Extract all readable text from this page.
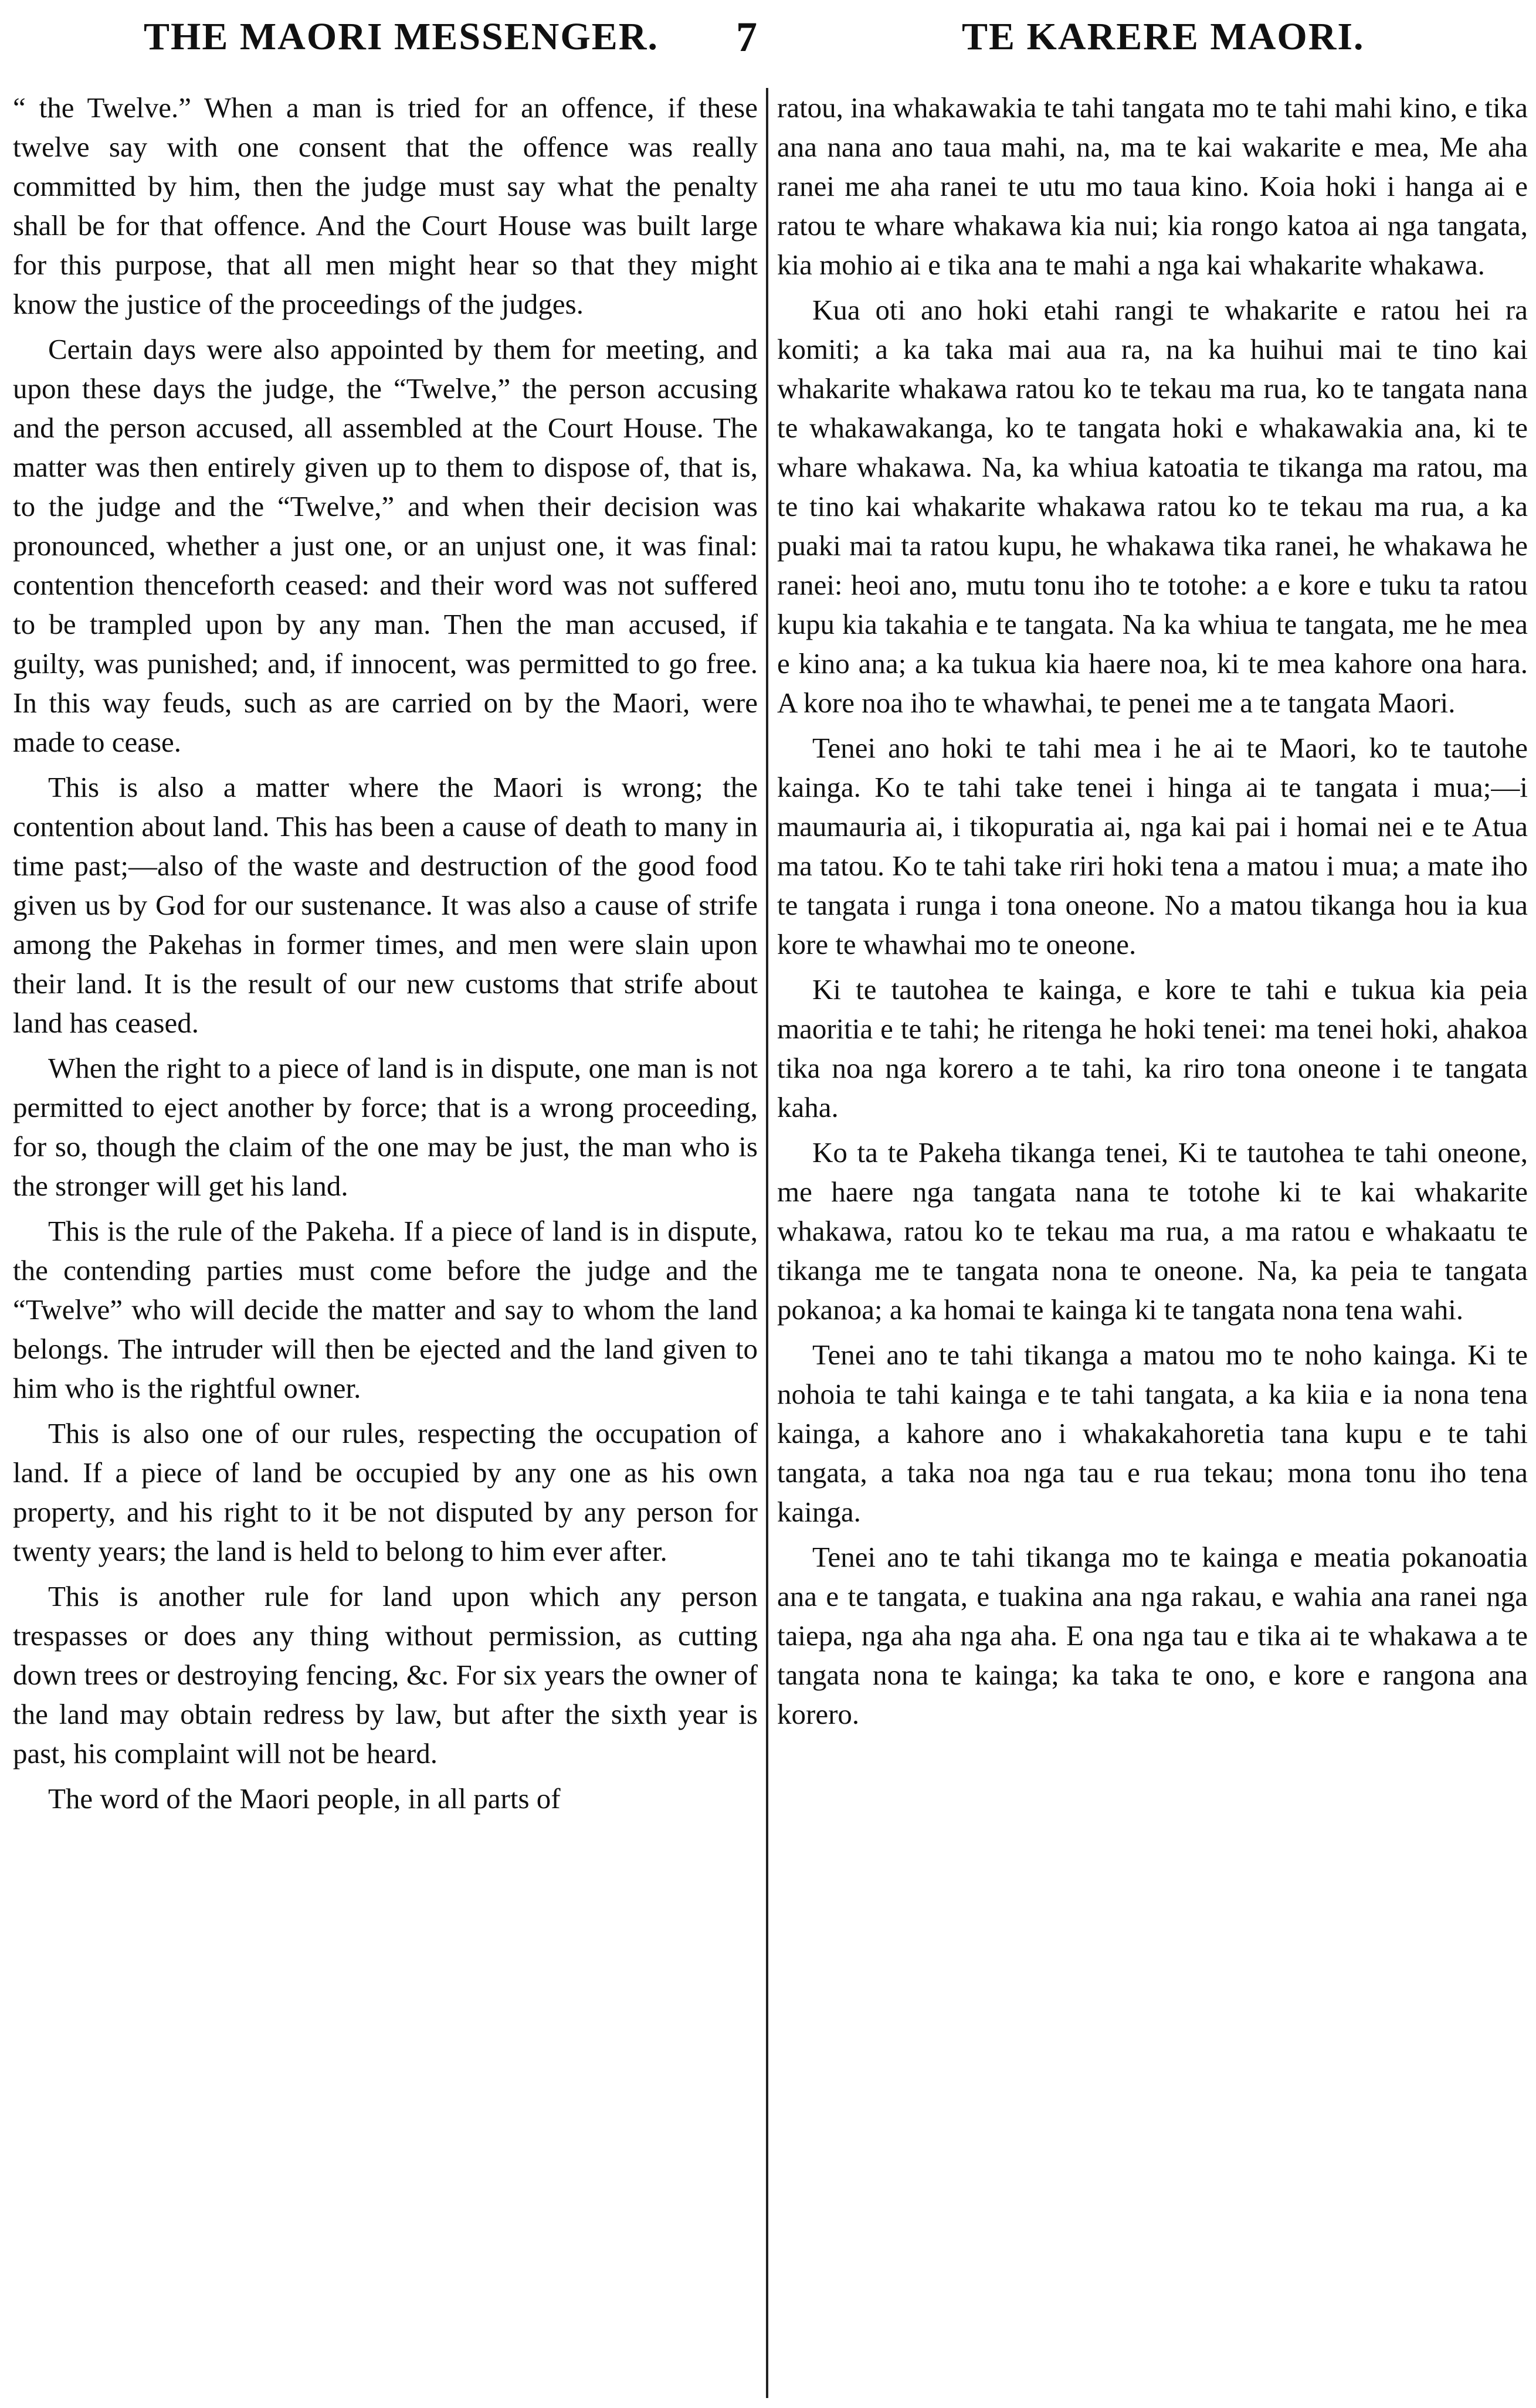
THE MAORI MESSENGER. 7	TE KARERE MAORI.

“ the Twelve.” When a man is tried for an offence, if these twelve say with one consent that the offence was really committed by him, then the judge must say what the penalty shall be for that offence. And the Court House was built large for this purpose, that all men might hear so that they might know the justice of the proceedings of the judges.

Certain days were also appointed by them for meeting, and upon these days the judge, the “Twelve,” the person accusing and the person accused, all assembled at the Court House. The matter was then entirely given up to them to dispose of, that is, to the judge and the “Twelve,” and when their decision was pronounced, whether a just one, or an unjust one, it was final: contention thenceforth ceased: and their word was not suffered to be trampled upon by any man. Then the man accused, if guilty, was punished; and, if innocent, was permitted to go free. In this way feuds, such as are carried on by the Maori, were made to cease.

This is also a matter where the Maori is wrong; the contention about land. This has been a cause of death to many in time past;—also of the waste and destruction of the good food given us by God for our sustenance. It was also a cause of strife among the Pakehas in former times, and men were slain upon their land. It is the result of our new customs that strife about land has ceased.

When the right to a piece of land is in dispute, one man is not permitted to eject another by force; that is a wrong proceeding, for so, though the claim of the one may be just, the man who is the stronger will get his land.

This is the rule of the Pakeha. If a piece of land is in dispute, the contending parties must come before the judge and the “Twelve” who will decide the matter and say to whom the land belongs. The intruder will then be ejected and the land given to him who is the rightful owner.

This is also one of our rules, respecting the occupation of land. If a piece of land be occupied by any one as his own property, and his right to it be not disputed by any person for twenty years; the land is held to belong to him ever after.

This is another rule for land upon which any person trespasses or does any thing without permission, as cutting down trees or destroying fencing, &c. For six years the owner of the land may obtain redress by law, but after the sixth year is past, his complaint will not be heard.

The word of the Maori people, in all parts of

ratou, ina whakawakia te tahi tangata mo te tahi mahi kino, e tika ana nana ano taua mahi, na, ma te kai wakarite e mea, Me aha ranei me aha ranei te utu mo taua kino. Koia hoki i hanga ai e ratou te whare whakawa kia nui; kia rongo katoa ai nga tangata, kia mohio ai e tika ana te mahi a nga kai whakarite whakawa.

Kua oti ano hoki etahi rangi te whakarite e ratou hei ra komiti; a ka taka mai aua ra, na ka huihui mai te tino kai whakarite whakawa ratou ko te tekau ma rua, ko te tangata nana te whakawakanga, ko te tangata hoki e whakawakia ana, ki te whare whakawa. Na, ka whiua katoatia te tikanga ma ratou, ma te tino kai whakarite whakawa ratou ko te tekau ma rua, a ka puaki mai ta ratou kupu, he whakawa tika ranei, he whakawa he ranei: heoi ano, mutu tonu iho te totohe: a e kore e tuku ta ratou kupu kia takahia e te tangata. Na ka whiua te tangata, me he mea e kino ana; a ka tukua kia haere noa, ki te mea kahore ona hara. A kore noa iho te whawhai, te penei me a te tangata Maori.

Tenei ano hoki te tahi mea i he ai te Maori, ko te tautohe kainga. Ko te tahi take tenei i hinga ai te tangata i mua;—i maumauria ai, i tikopuratia ai, nga kai pai i homai nei e te Atua ma tatou. Ko te tahi take riri hoki tena a matou i mua; a mate iho te tangata i runga i tona oneone. No a matou tikanga hou ia kua kore te whawhai mo te oneone.

Ki te tautohea te kainga, e kore te tahi e tukua kia peia maoritia e te tahi; he ritenga he hoki tenei: ma tenei hoki, ahakoa tika noa nga korero a te tahi, ka riro tona oneone i te tangata kaha.

Ko ta te Pakeha tikanga tenei, Ki te tautohea te tahi oneone, me haere nga tangata nana te totohe ki te kai whakarite whakawa, ratou ko te tekau ma rua, a ma ratou e whakaatu te tikanga me te tangata nona te oneone. Na, ka peia te tangata pokanoa; a ka homai te kainga ki te tangata nona tena wahi.

Tenei ano te tahi tikanga a matou mo te noho kainga. Ki te nohoia te tahi kainga e te tahi tangata, a ka kiia e ia nona tena kainga, a kahore ano i whakakahoretia tana kupu e te tahi tangata, a taka noa nga tau e rua tekau; mona tonu iho tena kainga.

Tenei ano te tahi tikanga mo te kainga e meatia pokanoatia ana e te tangata, e tuakina ana nga rakau, e wahia ana ranei nga taiepa, nga aha nga aha. E ona nga tau e tika ai te whakawa a te tangata nona te kainga; ka taka te ono, e kore e rangona ana korero.
